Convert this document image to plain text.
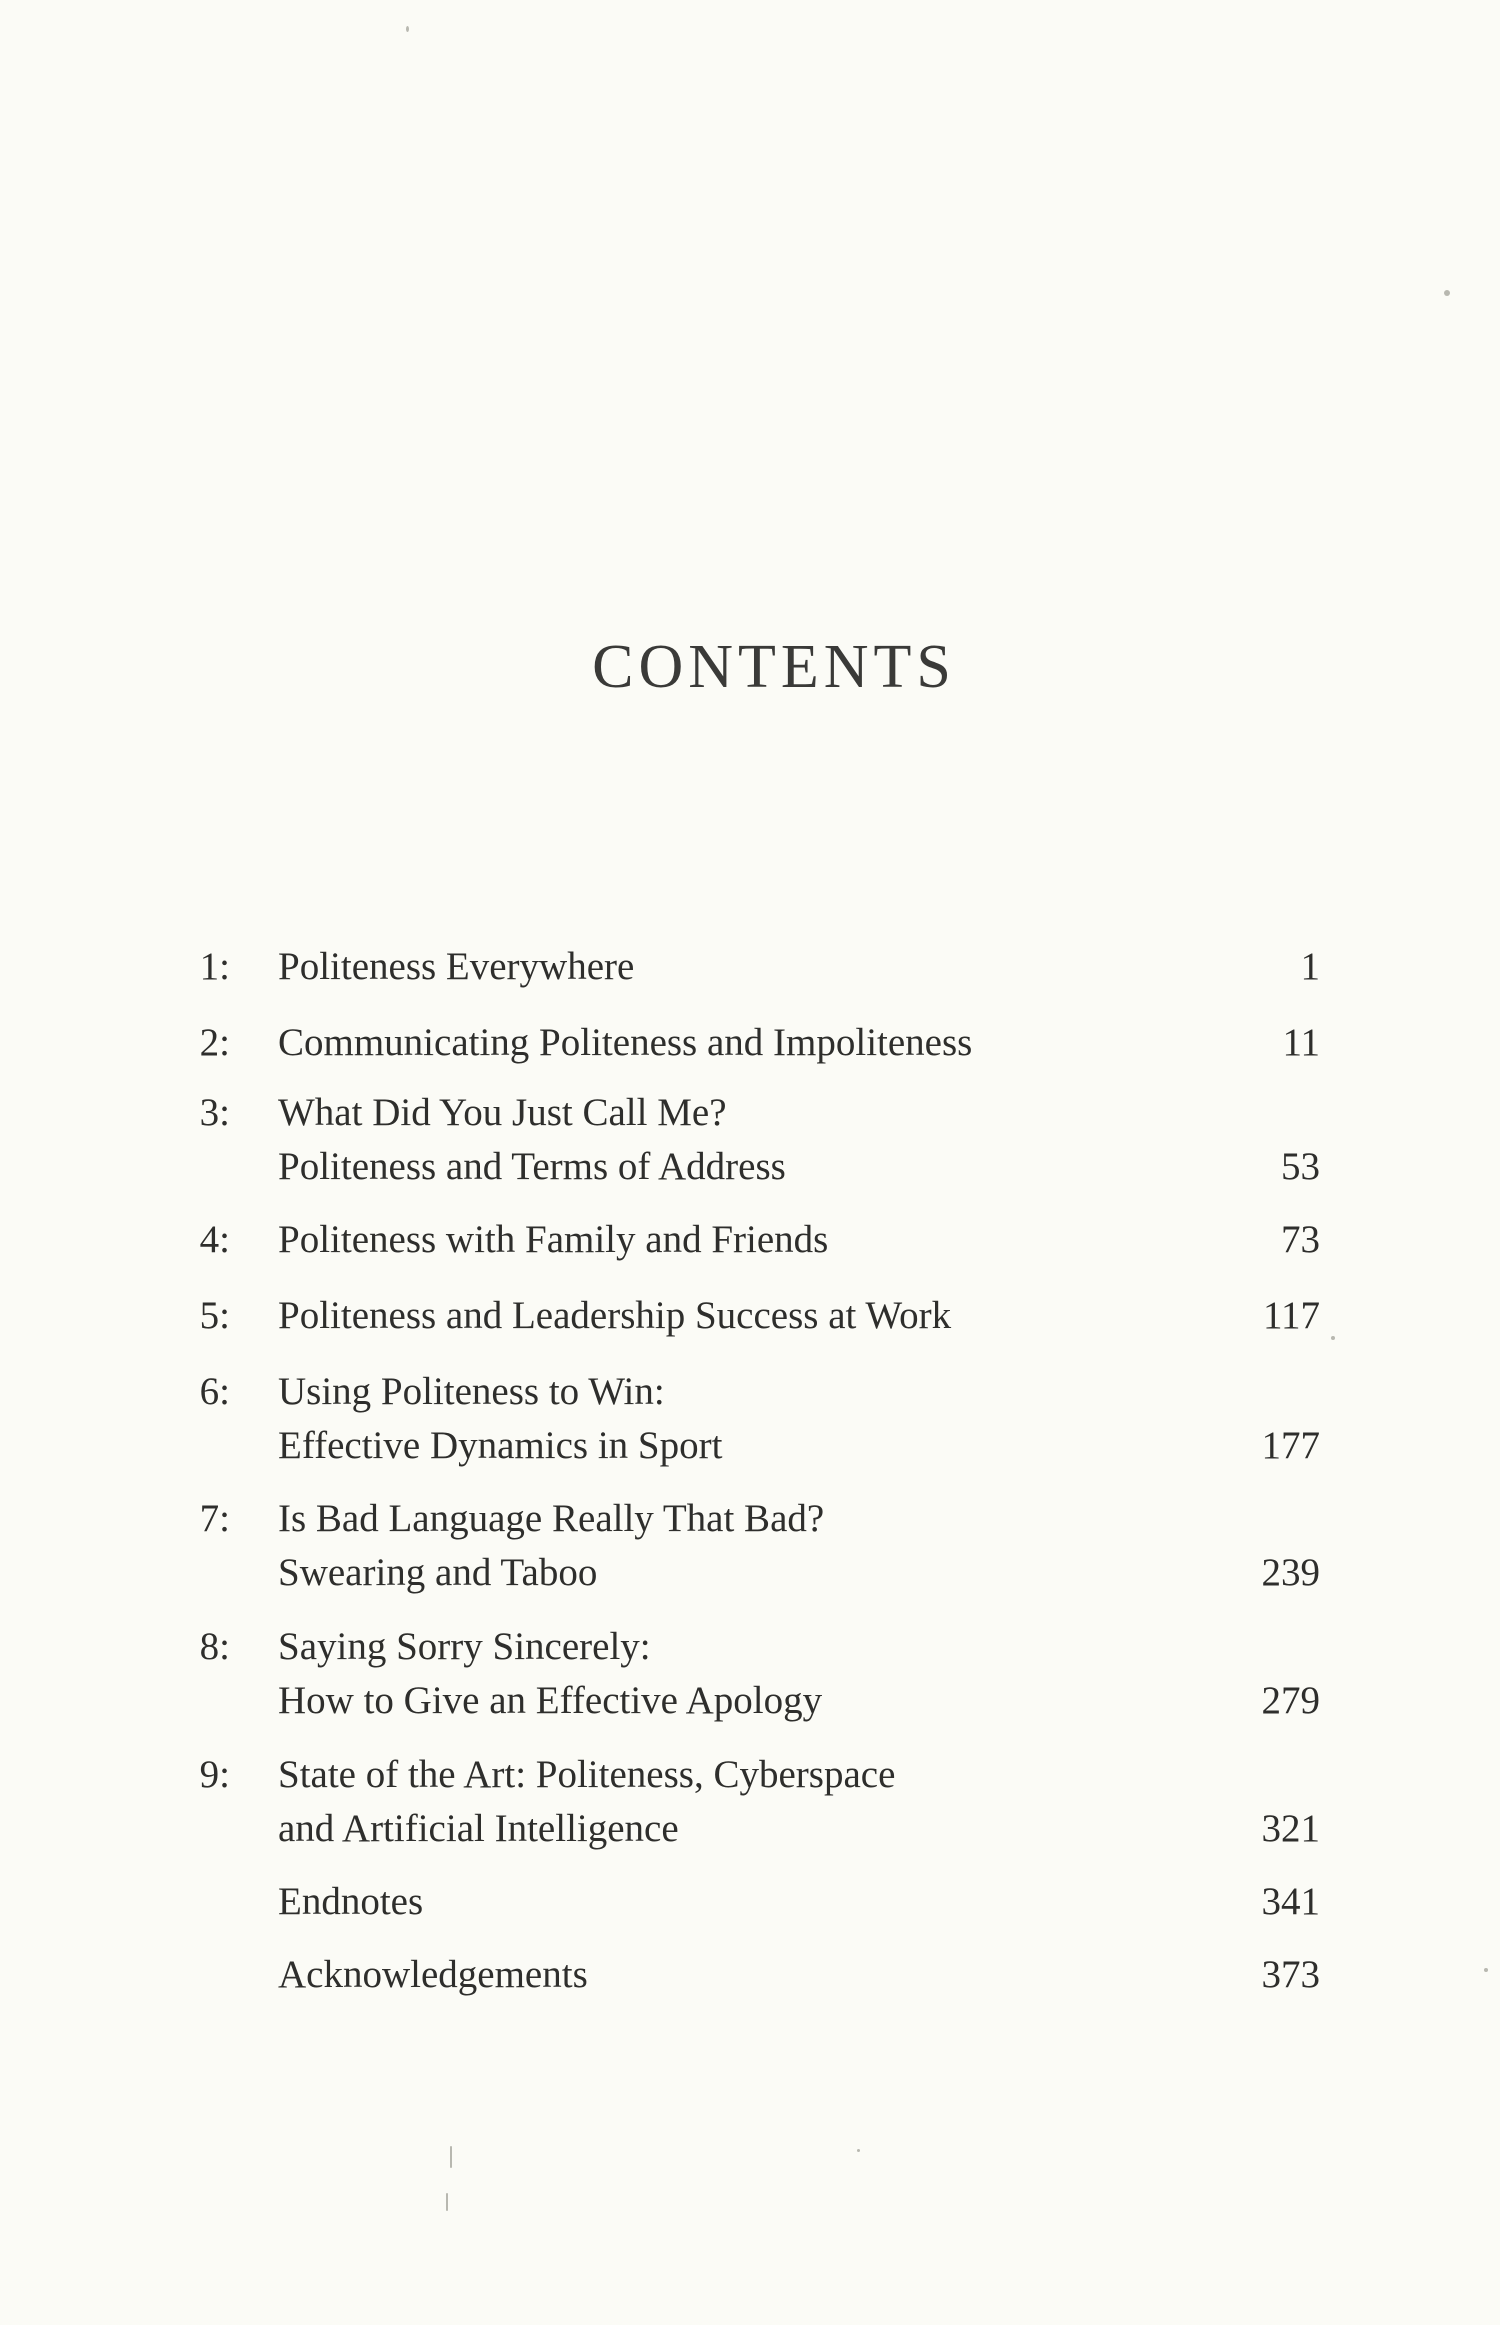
CONTENTS
1: Politeness Everywhere	1
2: Communicating Politeness and Impoliteness	11
3: What Did You Just Call Me?
Politeness and Terms of Address	53
4: Politeness with Family and Friends	73
5: Politeness and Leadership Success at Work	117
6: Using Politeness to Win:
Effective Dynamics in Sport	177
7: Is Bad Language Really That Bad?
Swearing and Taboo	239
8: Saying Sorry Sincerely:
How to Give an Effective Apology	279
9: State of the Art: Politeness, Cyberspace
and Artificial Intelligence	321
Endnotes	341
Acknowledgements	373
